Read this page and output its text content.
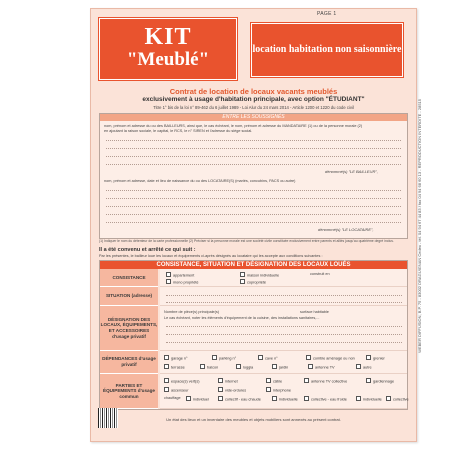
PAGE 1
KIT
"Meublé"	location habitation non saisonnière
Contrat de location de locaux vacants meublés
exclusivement à usage d'habitation principale, avec option "ÉTUDIANT"
Titre 1° bis de la loi n° 89-462 du 6 juillet 1989 - Loi Alur du 24 mars 2014 - Article 1200 et 1220 du code civil
ENTRE LES SOUSSIGNÉS
nom, prénom et adresse du ou des BAILLEURS, ainsi que, le cas échéant, le nom, prénom et adresse du MANDATAIRE (1) ou de la personne morale (2)
en ajoutant la raison sociale, le capital, le RCS, le n° SIREN et l'adresse du siège social.
dénommé(s) "LE BAILLEUR",
nom, prénom et adresse, date et lieu de naissance du ou des LOCATAIRE(S) (mariés, concubins, PACS ou autre)
dénommé(s) "LE LOCATAIRE",
(1) Indiquer le nom du détenteur de la carte professionnelle (2) Préciser si la personne morale est une société civile constituée exclusivement entre parents et alliés jusqu'au quatrième degré inclus.
Il a été convenu et arrêté ce qui suit :
Par les présentes, le bailleur loue les locaux et équipements ci-après désignés au locataire qui les accepte aux conditions suivantes :
CONSISTANCE, SITUATION ET DÉSIGNATION DES LOCAUX LOUÉS
CONSISTANCE	appartement	maison individuelle	construit en
mono propriété	copropriété
SITUATION (adresse)
DÉSIGNATION DES LOCAUX, ÉQUIPEMENTS, ET ACCESSOIRES d'usage privatif
Nombre de pièce(s) principale(s)	surface habitable
Le cas échéant, noter les éléments d'équipement de la cuisine, des installations sanitaires,...
DÉPENDANCES d'usage privatif
garage n°	parking n°	cave n°	comble aménagé ou non	grenier
terrasse	balcon	loggia	jardin	antenne TV	autre
PARTIES ET ÉQUIPEMENTS d'usage commun
espace(s) vert(s)	internet	câble	antenne TV collective	gardiennage
ascenseur	vide-ordures	interphone
chauffage	individuel	collectif - eau chaude	individuelle	collective - eau froide	individuelle	collective
Un état des lieux et un inventaire des meubles et objets mobiliers sont annexés au présent contrat.
WEBER DIFFUSION, B.P. 75 - 83002 DRAGUIGNAN Cedex - tél. 04 94 67 44 83 / fax 04 94 68 60 13 - REPRODUCTION INTERDITE - 28515
